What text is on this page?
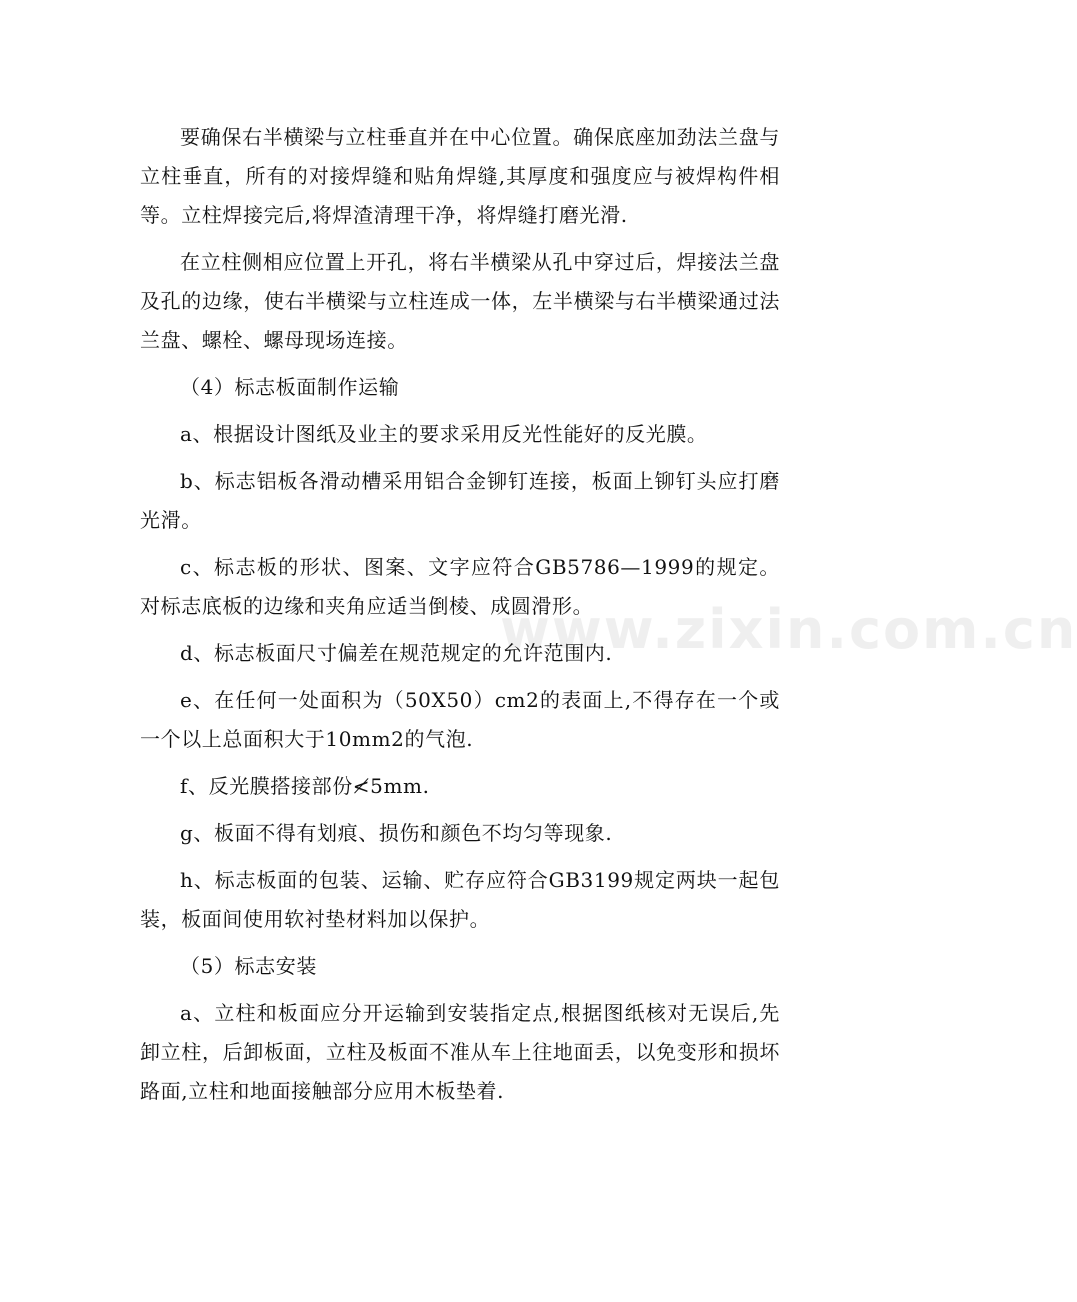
www.zixin.com.cn

要确保右半横梁与立柱垂直并在中心位置。确保底座加劲法兰盘与立柱垂直，所有的对接焊缝和贴角焊缝,其厚度和强度应与被焊构件相等。立柱焊接完后,将焊渣清理干净，将焊缝打磨光滑.

在立柱侧相应位置上开孔，将右半横梁从孔中穿过后，焊接法兰盘及孔的边缘，使右半横梁与立柱连成一体，左半横梁与右半横梁通过法兰盘、螺栓、螺母现场连接。

（4）标志板面制作运输

a、根据设计图纸及业主的要求采用反光性能好的反光膜。

b、标志铝板各滑动槽采用铝合金铆钉连接，板面上铆钉头应打磨光滑。

c、标志板的形状、图案、文字应符合GB5786—1999的规定。对标志底板的边缘和夹角应适当倒棱、成圆滑形。

d、标志板面尺寸偏差在规范规定的允许范围内.

e、在任何一处面积为（50X50）cm2的表面上,不得存在一个或一个以上总面积大于10mm2的气泡.

f、反光膜搭接部份≮5mm.

g、板面不得有划痕、损伤和颜色不均匀等现象.

h、标志板面的包装、运输、贮存应符合GB3199规定两块一起包装，板面间使用软衬垫材料加以保护。

（5）标志安装

a、立柱和板面应分开运输到安装指定点,根据图纸核对无误后,先卸立柱，后卸板面，立柱及板面不准从车上往地面丢，以免变形和损坏路面,立柱和地面接触部分应用木板垫着.
